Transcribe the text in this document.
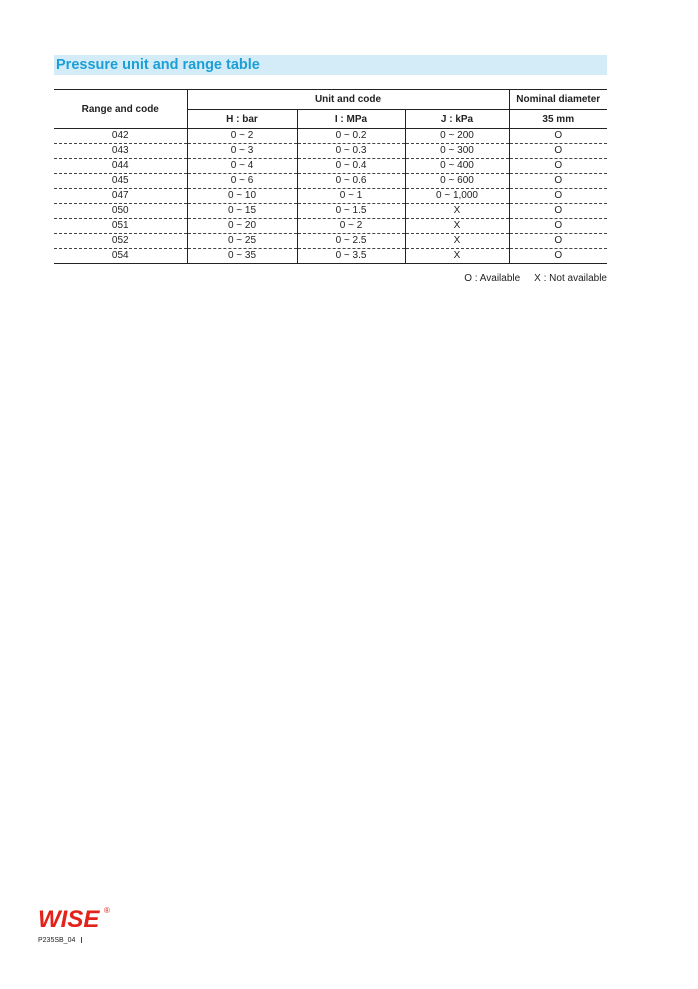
Pressure unit and range table
Range and code	Unit and code			Nominal diameter
	H : bar	I : MPa	J : kPa	35 mm
042	0 ~ 2	0 ~ 0.2	0 ~ 200	O
043	0 ~ 3	0 ~ 0.3	0 ~ 300	O
044	0 ~ 4	0 ~ 0.4	0 ~ 400	O
045	0 ~ 6	0 ~ 0.6	0 ~ 600	O
047	0 ~ 10	0 ~ 1	0 ~ 1,000	O
050	0 ~ 15	0 ~ 1.5	X	O
051	0 ~ 20	0 ~ 2	X	O
052	0 ~ 25	0 ~ 2.5	X	O
054	0 ~ 35	0 ~ 3.5	X	O
O : Available X : Not available
WISE ®
P235SB_04
